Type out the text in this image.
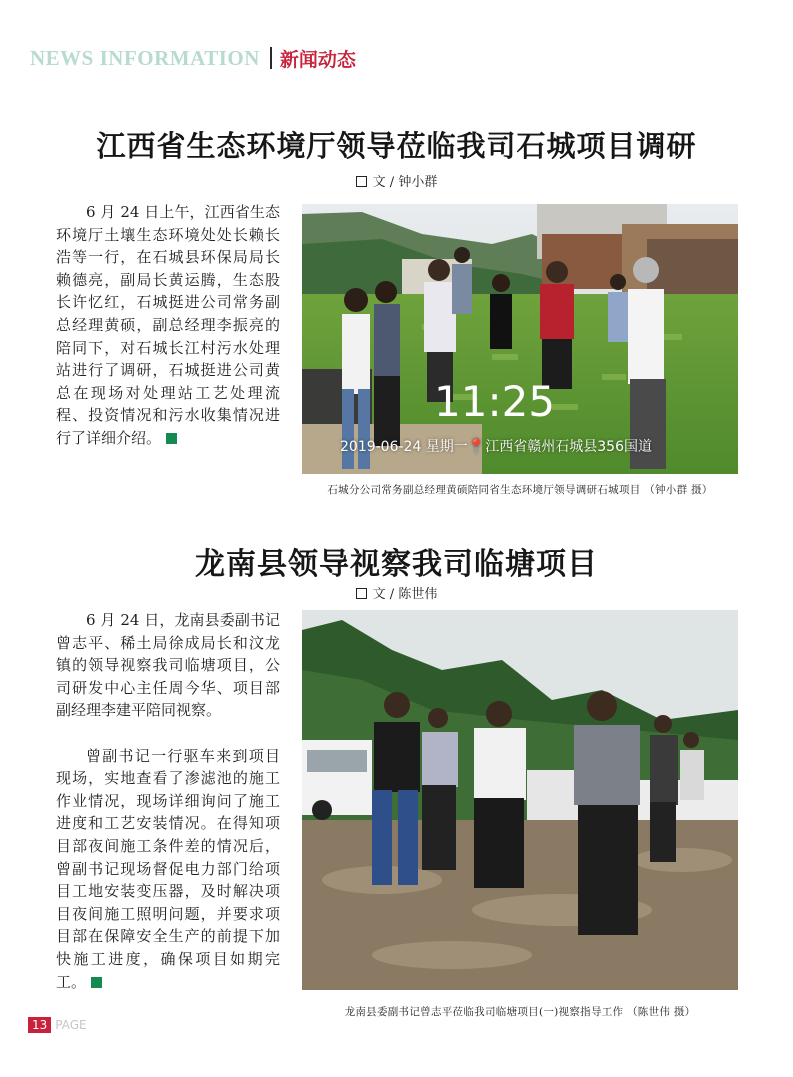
NEWS INFORMATION 新闻动态
江西省生态环境厅领导莅临我司石城项目调研
文 / 钟小群

6 月 24 日上午，江西省生态环境厅土壤生态环境处处长赖长浩等一行，在石城县环保局局长赖德亮，副局长黄运腾，生态股长许忆红，石城挺进公司常务副总经理黄硕，副总经理李振亮的陪同下，对石城长江村污水处理站进行了调研，石城挺进公司黄总在现场对处理站工艺处理流程、投资情况和污水收集情况进行了详细介绍。

11:25
2019-06-24 星期一📍江西省赣州石城县356国道
石城分公司常务副总经理黄硕陪同省生态环境厅领导调研石城项目 （钟小群 摄）
龙南县领导视察我司临塘项目
文 / 陈世伟

6 月 24 日，龙南县委副书记曾志平、稀土局徐成局长和汶龙镇的领导视察我司临塘项目，公司研发中心主任周今华、项目部副经理李建平陪同视察。

曾副书记一行驱车来到项目现场，实地查看了渗滤池的施工作业情况，现场详细询问了施工进度和工艺安装情况。在得知项目部夜间施工条件差的情况后，曾副书记现场督促电力部门给项目工地安装变压器，及时解决项目夜间施工照明问题，并要求项目部在保障安全生产的前提下加快施工进度，确保项目如期完工。

龙南县委副书记曾志平莅临我司临塘项目(一)视察指导工作 （陈世伟 摄）
13 PAGE
